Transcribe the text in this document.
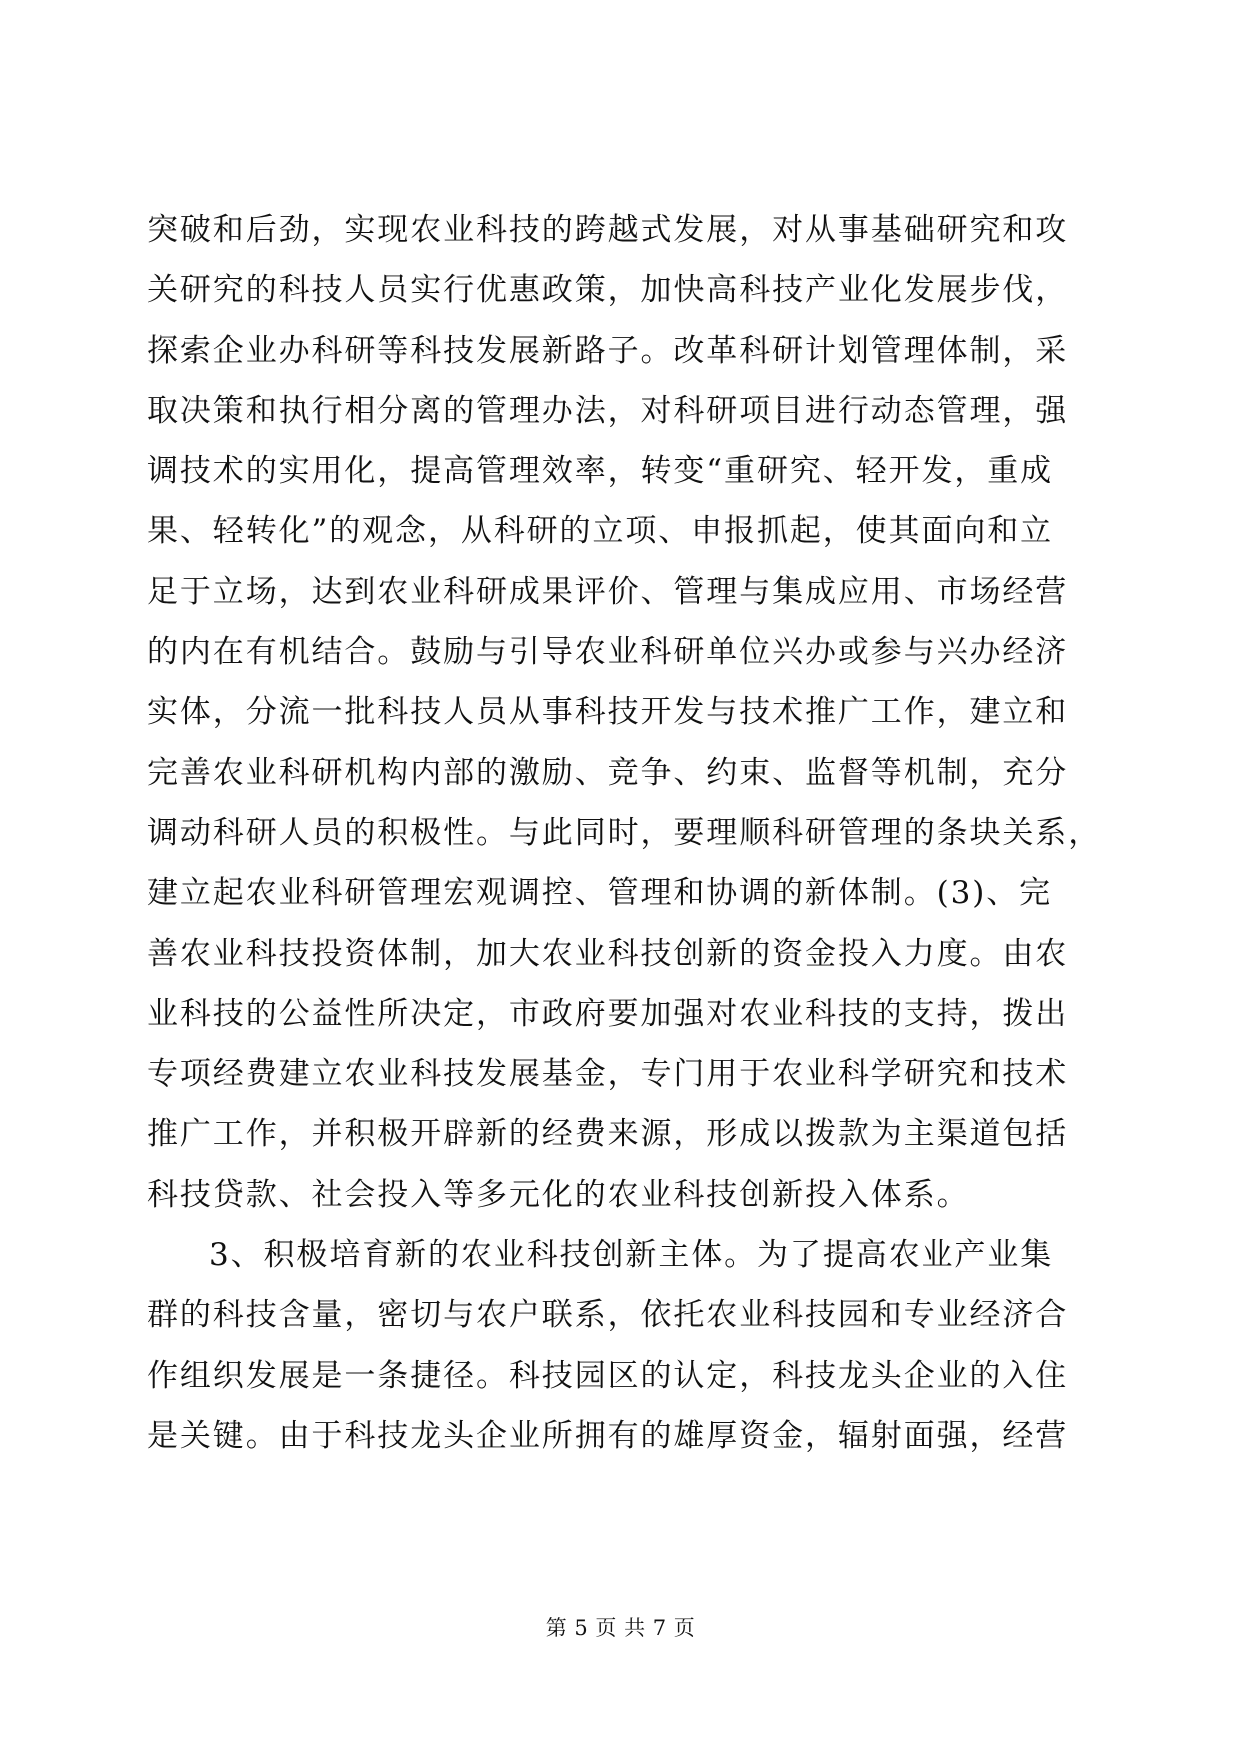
突破和后劲，实现农业科技的跨越式发展，对从事基础研究和攻
关研究的科技人员实行优惠政策，加快高科技产业化发展步伐，
探索企业办科研等科技发展新路子。改革科研计划管理体制，采
取决策和执行相分离的管理办法，对科研项目进行动态管理，强
调技术的实用化，提高管理效率，转变“重研究、轻开发，重成
果、轻转化”的观念，从科研的立项、申报抓起，使其面向和立
足于立场，达到农业科研成果评价、管理与集成应用、市场经营
的内在有机结合。鼓励与引导农业科研单位兴办或参与兴办经济
实体，分流一批科技人员从事科技开发与技术推广工作，建立和
完善农业科研机构内部的激励、竞争、约束、监督等机制，充分
调动科研人员的积极性。与此同时，要理顺科研管理的条块关系，
建立起农业科研管理宏观调控、管理和协调的新体制。(3)、完
善农业科技投资体制，加大农业科技创新的资金投入力度。由农
业科技的公益性所决定，市政府要加强对农业科技的支持，拨出
专项经费建立农业科技发展基金，专门用于农业科学研究和技术
推广工作，并积极开辟新的经费来源，形成以拨款为主渠道包括
科技贷款、社会投入等多元化的农业科技创新投入体系。
3、积极培育新的农业科技创新主体。为了提高农业产业集
群的科技含量，密切与农户联系，依托农业科技园和专业经济合
作组织发展是一条捷径。科技园区的认定，科技龙头企业的入住
是关键。由于科技龙头企业所拥有的雄厚资金，辐射面强，经营
第 5 页 共 7 页
